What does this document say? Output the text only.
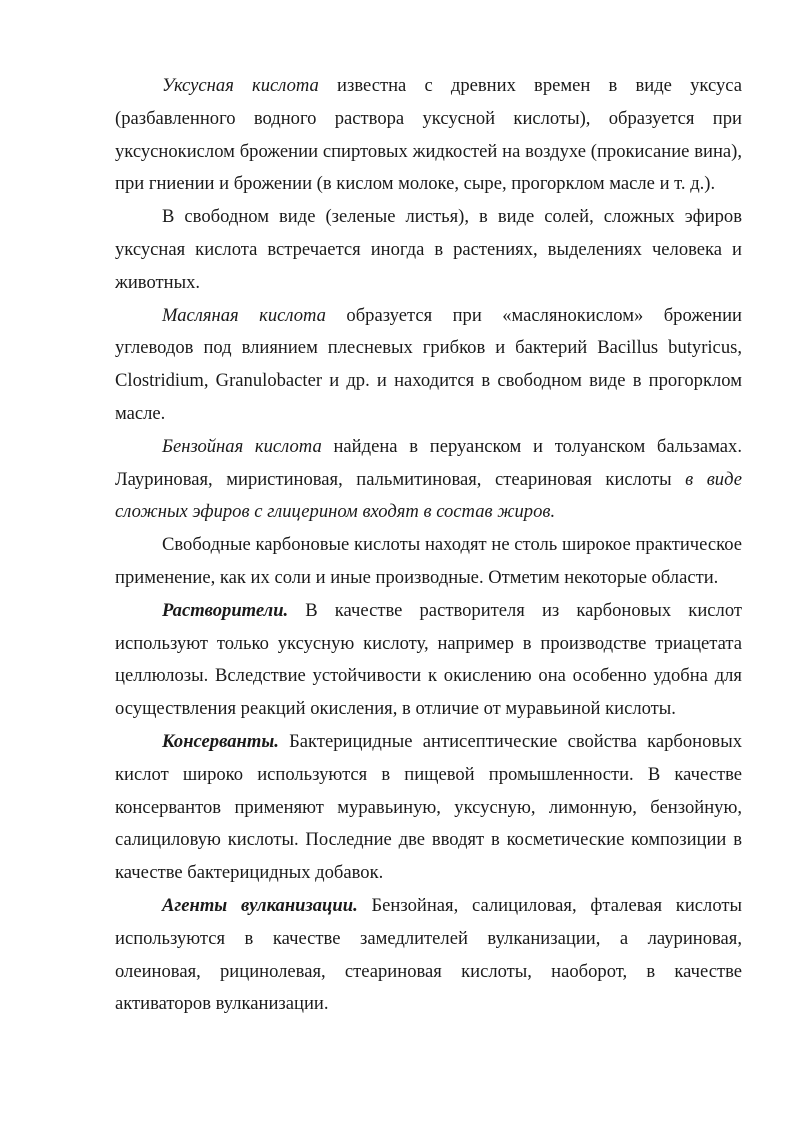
Уксусная кислота известна с древних времен в виде уксуса (разбавленного водного раствора уксусной кислоты), образуется при уксуснокислом брожении спиртовых жидкостей на воздухе (прокисание вина), при гниении и брожении (в кислом молоке, сыре, прогорклом масле и т. д.).

В свободном виде (зеленые листья), в виде солей, сложных эфиров уксусная кислота встречается иногда в растениях, выделениях человека и животных.

Масляная кислота образуется при «маслянокислом» брожении углеводов под влиянием плесневых грибков и бактерий Bacillus butyricus, Clostridium, Granulobacter и др. и находится в свободном виде в прогорклом масле.

Бензойная кислота найдена в перуанском и толуанском бальзамах. Лауриновая, миристиновая, пальмитиновая, стеариновая кислоты в виде сложных эфиров с глицерином входят в состав жиров.

Свободные карбоновые кислоты находят не столь широкое практическое применение, как их соли и иные производные. Отметим некоторые области.

Растворители. В качестве растворителя из карбоновых кислот используют только уксусную кислоту, например в производстве триацетата целлюлозы. Вследствие устойчивости к окислению она особенно удобна для осуществления реакций окисления, в отличие от муравьиной кислоты.

Консерванты. Бактерицидные антисептические свойства карбоновых кислот широко используются в пищевой промышленности. В качестве консервантов применяют муравьиную, уксусную, лимонную, бензойную, салициловую кислоты. Последние две вводят в косметические композиции в качестве бактерицидных добавок.

Агенты вулканизации. Бензойная, салициловая, фталевая кислоты используются в качестве замедлителей вулканизации, а лауриновая, олеиновая, рицинолевая, стеариновая кислоты, наоборот, в качестве активаторов вулканизации.
